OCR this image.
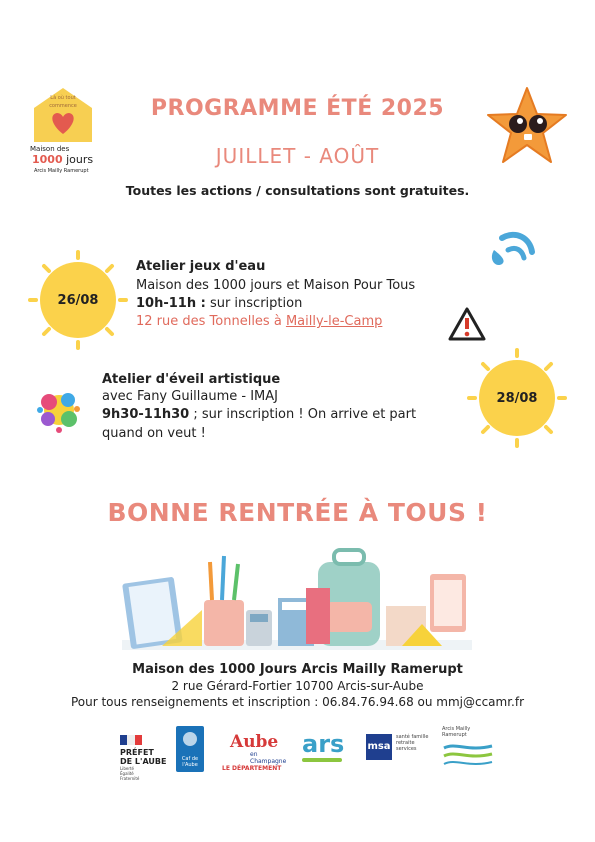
Là où tout commence
Maison des
1000 jours
Arcis Mailly Ramerupt
PROGRAMME ÉTÉ 2025
JUILLET - AOÛT
Toutes les actions / consultations sont gratuites.
26/08
Atelier jeux d'eau
Maison des 1000 jours et Maison Pour Tous
10h-11h : sur inscription
12 rue des Tonnelles à Mailly-le-Camp
Atelier d'éveil artistique
avec Fany Guillaume - IMAJ
9h30-11h30 ; sur inscription ! On arrive et part
quand on veut !
28/08
BONNE RENTRÉE À TOUS !
Maison des 1000 Jours Arcis Mailly Ramerupt
2 rue Gérard-Fortier 10700 Arcis-sur-Aube
Pour tous renseignements et inscription : 06.84.76.94.68 ou mmj@ccamr.fr
PRÉFET
DE L'AUBE
Liberté Égalité Fraternité
Caf de l'Aube
Aube
en Champagne
LE DÉPARTEMENT
ars	msa
santé famille retraite services
Arcis Mailly Ramerupt
